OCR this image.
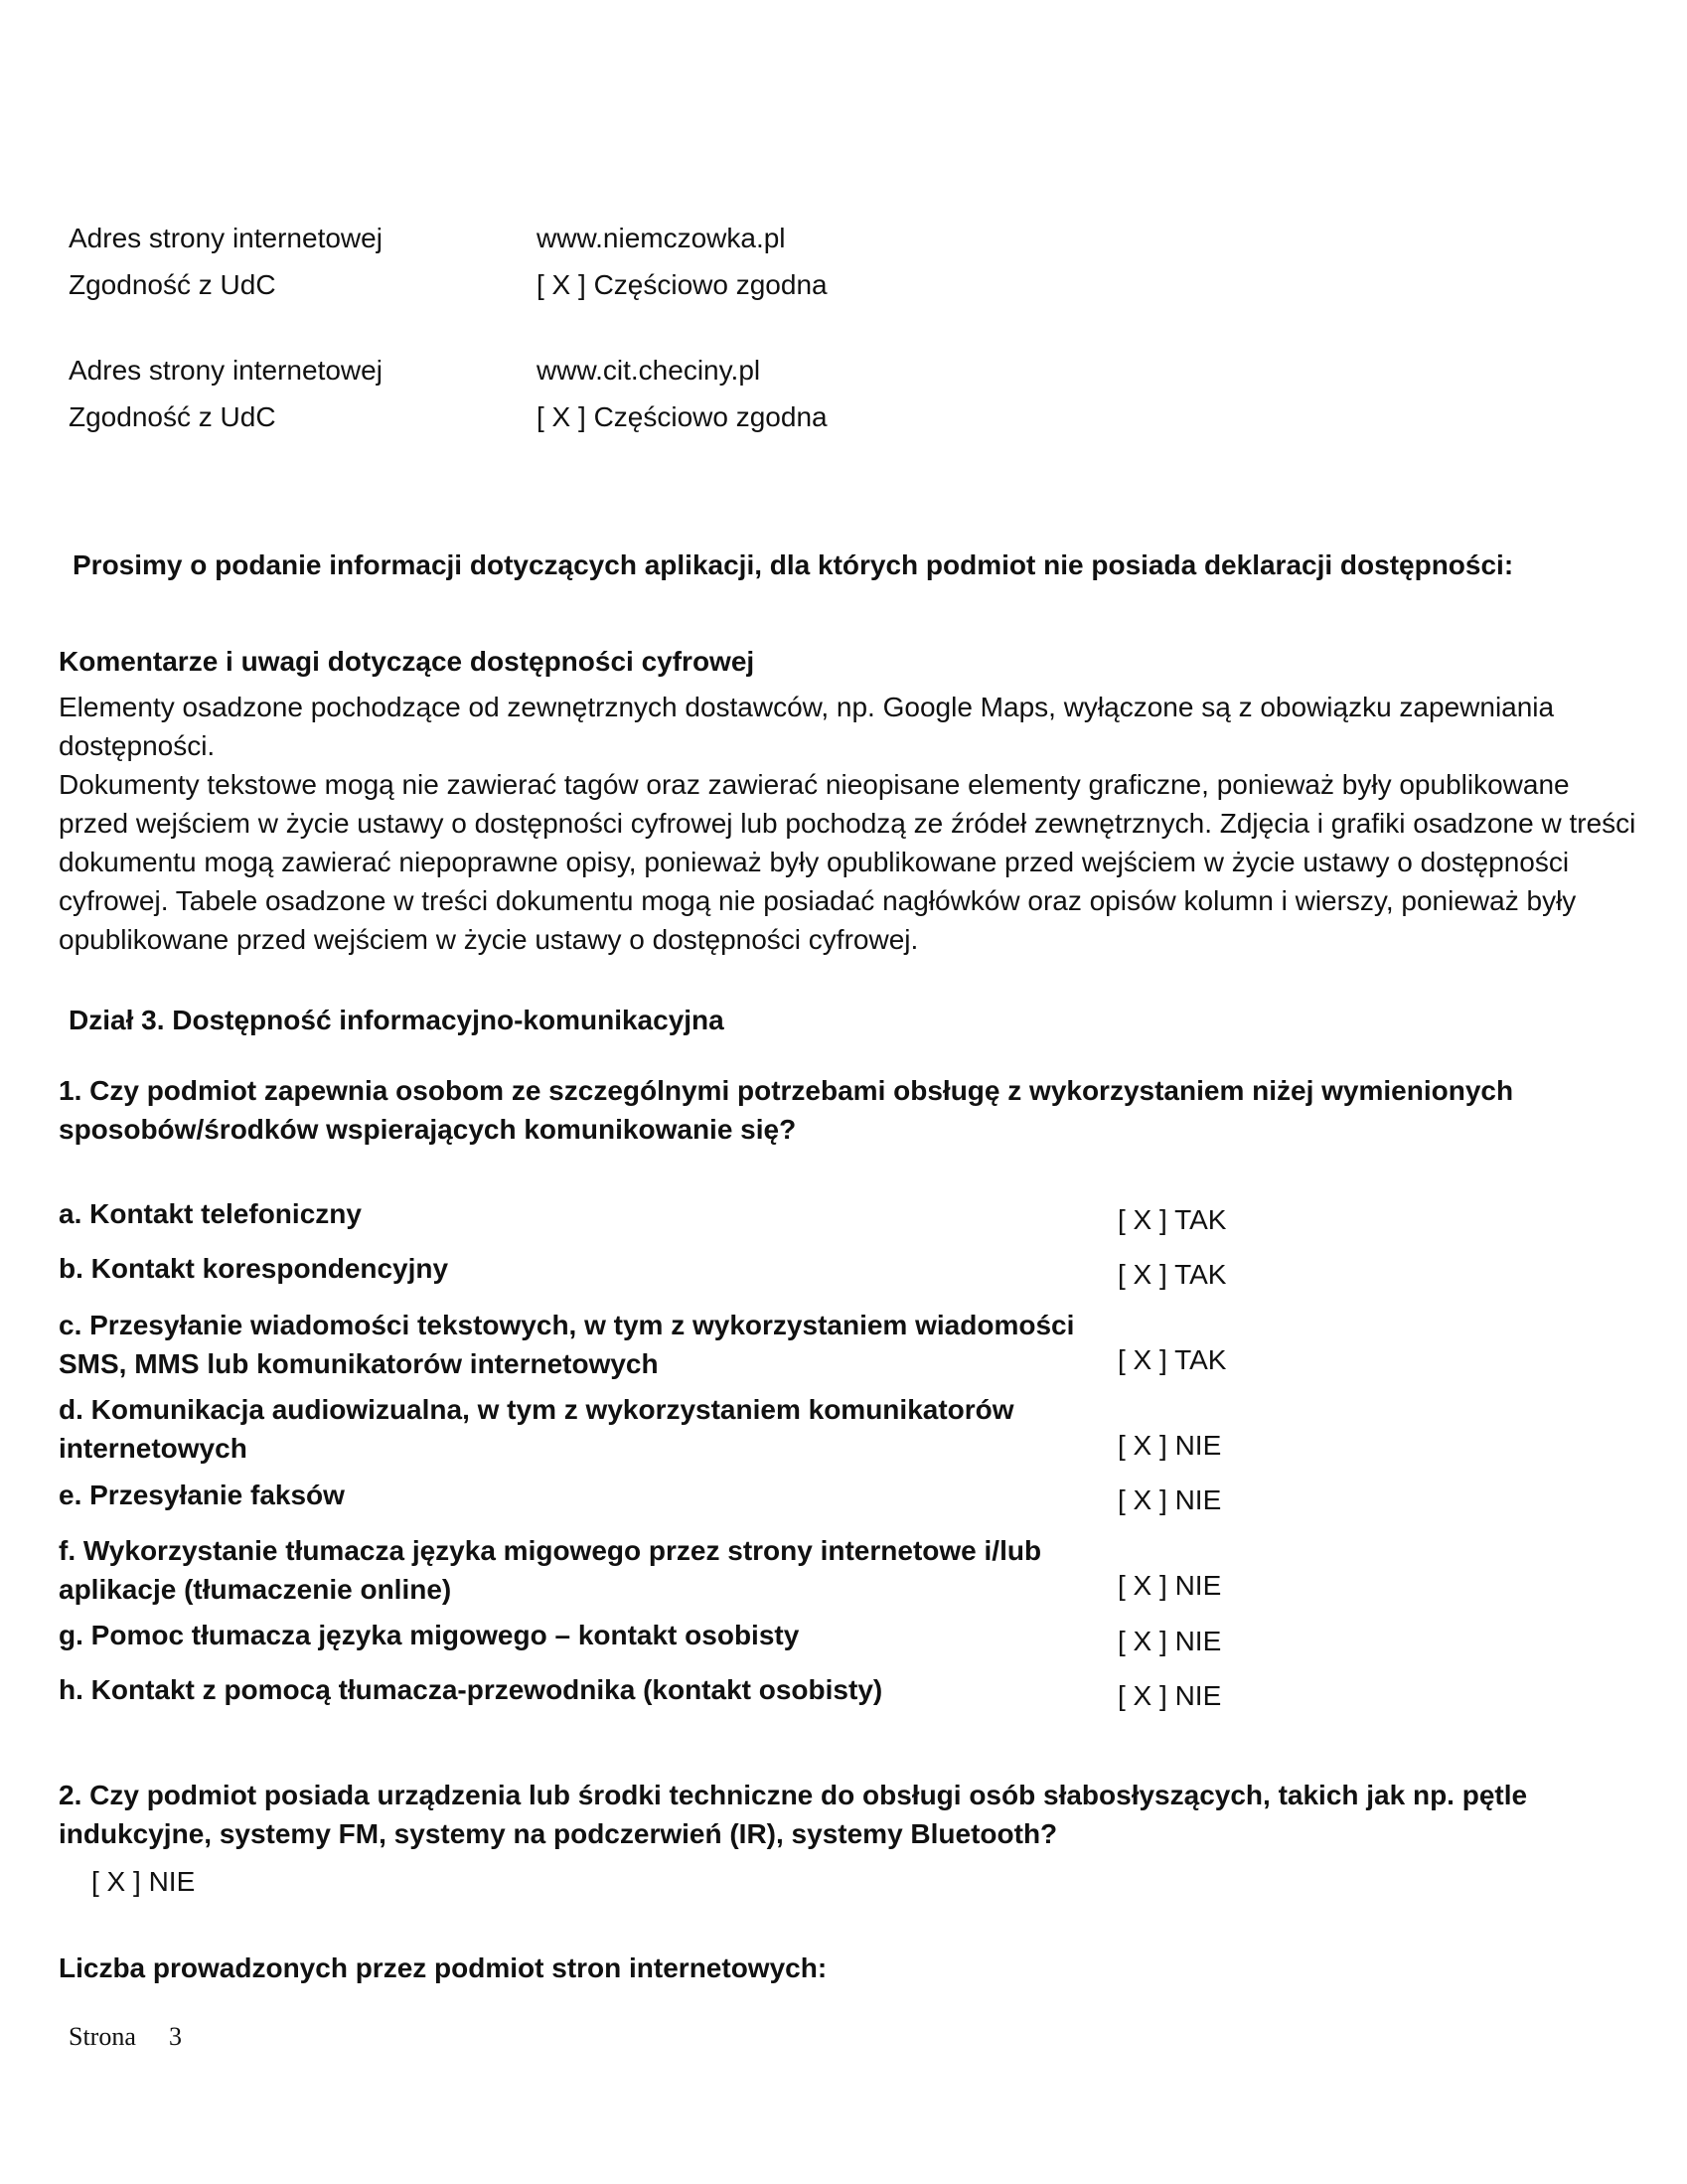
Adres strony internetowej	www.niemczowka.pl
Zgodność z UdC	[ X ] Częściowo zgodna
Adres strony internetowej	www.cit.checiny.pl
Zgodność z UdC	[ X ] Częściowo zgodna
Prosimy o podanie informacji dotyczących aplikacji, dla których podmiot nie posiada deklaracji dostępności:
Komentarze i uwagi dotyczące dostępności cyfrowej

Elementy osadzone pochodzące od zewnętrznych dostawców, np. Google Maps, wyłączone są z obowiązku zapewniania dostępności.

Dokumenty tekstowe mogą nie zawierać tagów oraz zawierać nieopisane elementy graficzne, ponieważ były opublikowane przed wejściem w życie ustawy o dostępności cyfrowej lub pochodzą ze źródeł zewnętrznych. Zdjęcia i grafiki osadzone w treści dokumentu mogą zawierać niepoprawne opisy, ponieważ były opublikowane przed wejściem w życie ustawy o dostępności cyfrowej. Tabele osadzone w treści dokumentu mogą nie posiadać nagłówków oraz opisów kolumn i wierszy, ponieważ były opublikowane przed wejściem w życie ustawy o dostępności cyfrowej.

Dział 3. Dostępność informacyjno-komunikacyjna
1. Czy podmiot zapewnia osobom ze szczególnymi potrzebami obsługę z wykorzystaniem niżej wymienionych sposobów/środków wspierających komunikowanie się?
a. Kontakt telefoniczny	[ X ] TAK
b. Kontakt korespondencyjny	[ X ] TAK
c. Przesyłanie wiadomości tekstowych, w tym z wykorzystaniem wiadomości SMS, MMS lub komunikatorów internetowych	[ X ] TAK
d. Komunikacja audiowizualna, w tym z wykorzystaniem komunikatorów internetowych	[ X ] NIE
e. Przesyłanie faksów	[ X ] NIE
f. Wykorzystanie tłumacza języka migowego przez strony internetowe i/lub aplikacje (tłumaczenie online)	[ X ] NIE
g. Pomoc tłumacza języka migowego – kontakt osobisty	[ X ] NIE
h. Kontakt z pomocą tłumacza-przewodnika (kontakt osobisty)	[ X ] NIE
2. Czy podmiot posiada urządzenia lub środki techniczne do obsługi osób słabosłyszących, takich jak np. pętle indukcyjne, systemy FM, systemy na podczerwień (IR), systemy Bluetooth?
[ X ] NIE
Liczba prowadzonych przez podmiot stron internetowych:
Strona 3
